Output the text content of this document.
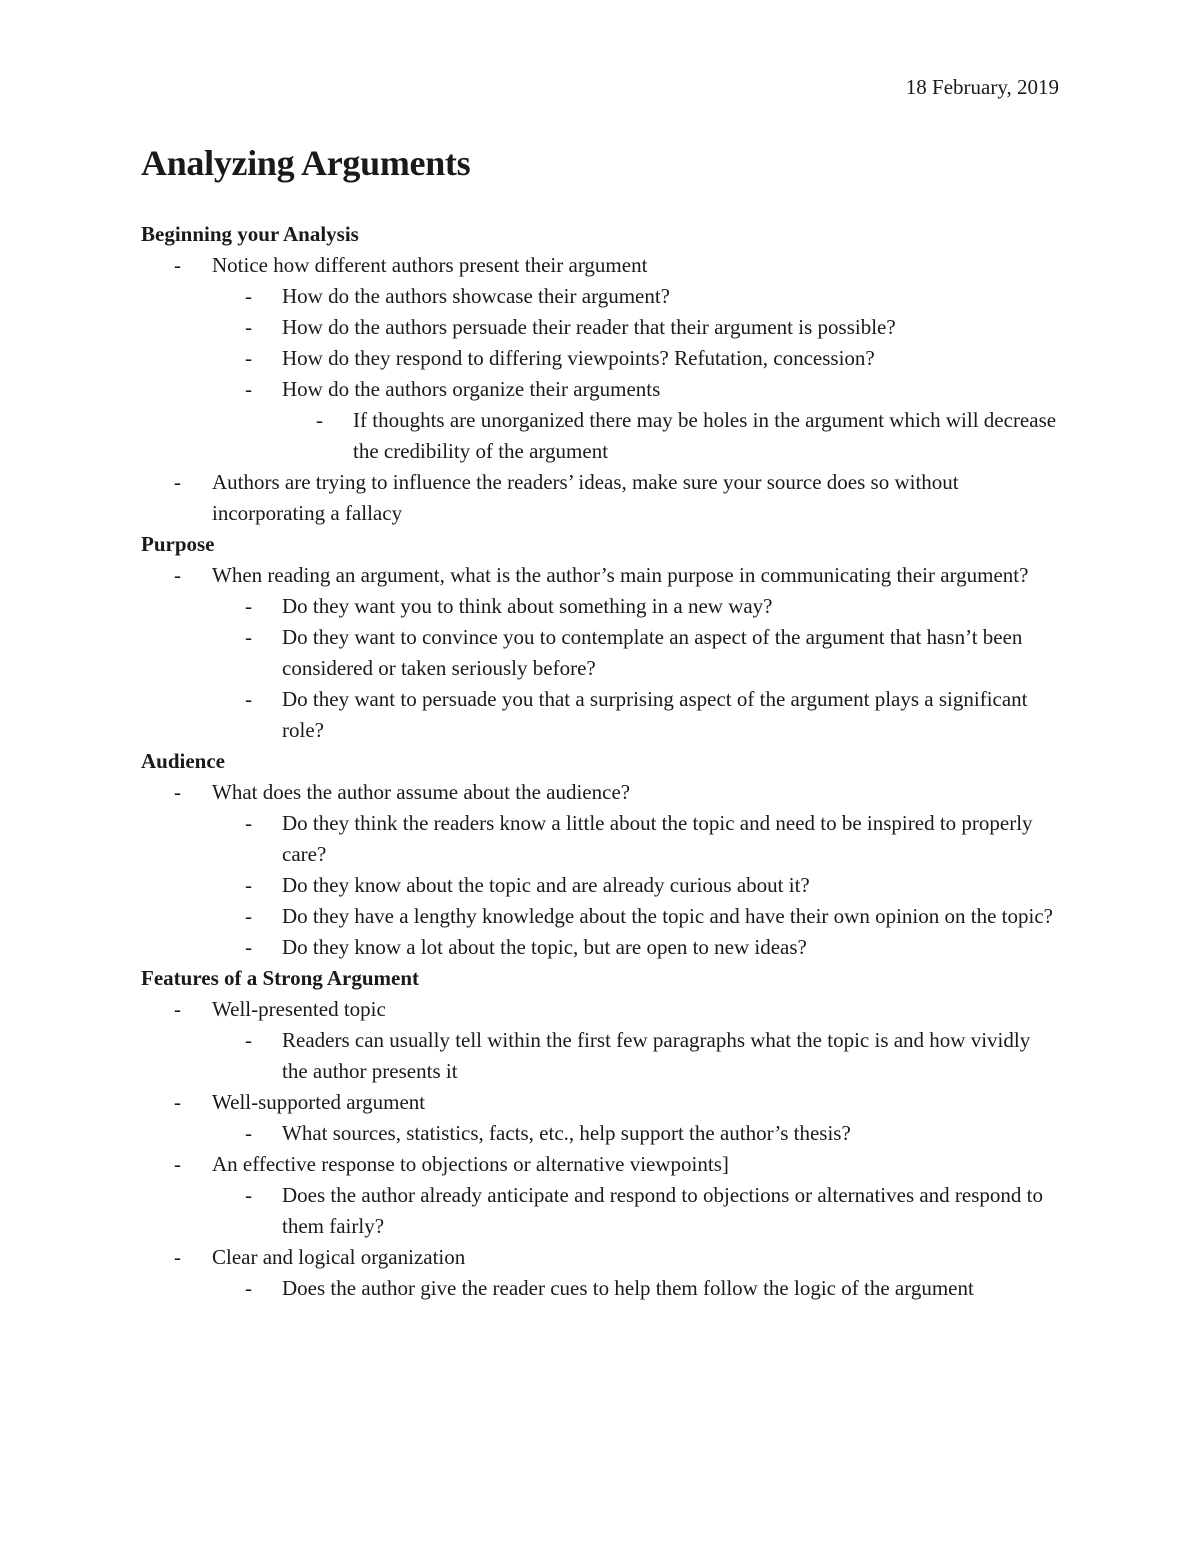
18 February, 2019
Analyzing Arguments
Beginning your Analysis
- Notice how different authors present their argument
- How do the authors showcase their argument?
- How do the authors persuade their reader that their argument is possible?
- How do they respond to differing viewpoints? Refutation, concession?
- How do the authors organize their arguments
- If thoughts are unorganized there may be holes in the argument which will decrease the credibility of the argument
- Authors are trying to influence the readers’ ideas, make sure your source does so without incorporating a fallacy
Purpose
- When reading an argument, what is the author’s main purpose in communicating their argument?
- Do they want you to think about something in a new way?
- Do they want to convince you to contemplate an aspect of the argument that hasn’t been considered or taken seriously before?
- Do they want to persuade you that a surprising aspect of the argument plays a significant role?
Audience
- What does the author assume about the audience?
- Do they think the readers know a little about the topic and need to be inspired to properly care?
- Do they know about the topic and are already curious about it?
- Do they have a lengthy knowledge about the topic and have their own opinion on the topic?
- Do they know a lot about the topic, but are open to new ideas?
Features of a Strong Argument
- Well-presented topic
- Readers can usually tell within the first few paragraphs what the topic is and how vividly the author presents it
- Well-supported argument
- What sources, statistics, facts, etc., help support the author’s thesis?
- An effective response to objections or alternative viewpoints]
- Does the author already anticipate and respond to objections or alternatives and respond to them fairly?
- Clear and logical organization
- Does the author give the reader cues to help them follow the logic of the argument
